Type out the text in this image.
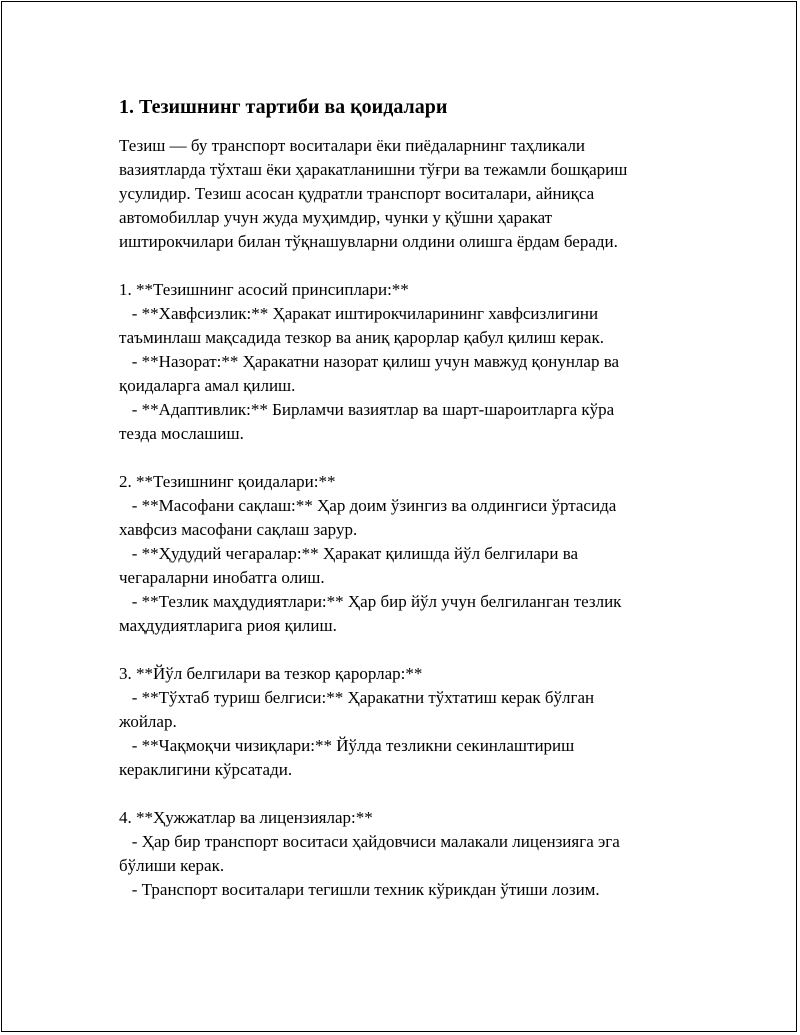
1. Тезишнинг тартиби ва қоидалари
Тезиш — бу транспорт воситалари ёки пиёдаларнинг таҳликали
вазиятларда тўхташ ёки ҳаракатланишни тўғри ва тежамли бошқариш
усулидир. Тезиш асосан қудратли транспорт воситалари, айниқса
автомобиллар учун жуда муҳимдир, чунки у қўшни ҳаракат
иштирокчилари билан тўқнашувларни олдини олишга ёрдам беради.
1. **Тезишнинг асосий принсиплари:**
- **Хавфсизлик:** Ҳаракат иштирокчиларининг хавфсизлигини
таъминлаш мақсадида тезкор ва аниқ қарорлар қабул қилиш керак.
- **Назорат:** Ҳаракатни назорат қилиш учун мавжуд қонунлар ва
қоидаларга амал қилиш.
- **Адаптивлик:** Бирламчи вазиятлар ва шарт-шароитларга кўра
тезда мослашиш.
2. **Тезишнинг қоидалари:**
- **Масофани сақлаш:** Ҳар доим ўзингиз ва олдингиси ўртасида
хавфсиз масофани сақлаш зарур.
- **Ҳудудий чегаралар:** Ҳаракат қилишда йўл белгилари ва
чегараларни инобатга олиш.
- **Тезлик маҳдудиятлари:** Ҳар бир йўл учун белгиланган тезлик
маҳдудиятларига риоя қилиш.
3. **Йўл белгилари ва тезкор қарорлар:**
- **Тўхтаб туриш белгиси:** Ҳаракатни тўхтатиш керак бўлган
жойлар.
- **Чақмоқчи чизиқлари:** Йўлда тезликни секинлаштириш
кераклигини кўрсатади.
4. **Ҳужжатлар ва лицензиялар:**
- Ҳар бир транспорт воситаси ҳайдовчиси малакали лицензияга эга
бўлиши керак.
- Транспорт воситалари тегишли техник кўрикдан ўтиши лозим.
